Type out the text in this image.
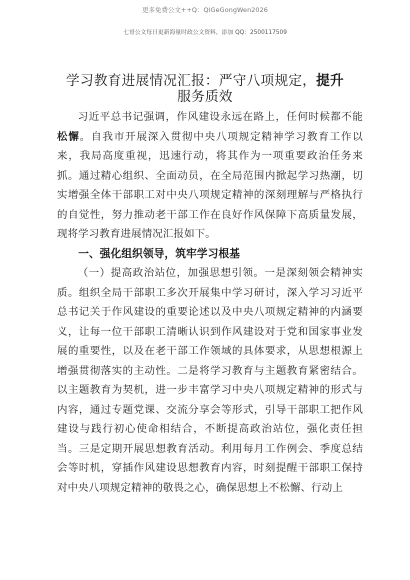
更多免费公文++Q：QiGeGongWen2026
七哥公文每日更新海量时政公文资料，添加 QQ：2500117509
学习教育进展情况汇报：严守八项规定，提升
服务质效

习近平总书记强调，作风建设永远在路上，任何时候都不能松懈。自我市开展深入贯彻中央八项规定精神学习教育工作以来，我局高度重视，迅速行动，将其作为一项重要政治任务来抓。通过精心组织、全面动员，在全局范围内掀起学习热潮，切实增强全体干部职工对中央八项规定精神的深刻理解与严格执行的自觉性，努力推动老干部工作在良好作风保障下高质量发展，现将学习教育进展情况汇报如下。

一、强化组织领导，筑牢学习根基

（一）提高政治站位，加强思想引领。一是深刻领会精神实质。组织全局干部职工多次开展集中学习研讨，深入学习习近平总书记关于作风建设的重要论述以及中央八项规定精神的内涵要义，让每一位干部职工清晰认识到作风建设对于党和国家事业发展的重要性，以及在老干部工作领域的具体要求，从思想根源上增强贯彻落实的主动性。二是将学习教育与主题教育紧密结合。以主题教育为契机，进一步丰富学习中央八项规定精神的形式与内容，通过专题党课、交流分享会等形式，引导干部职工把作风建设与践行初心使命相结合，不断提高政治站位，强化责任担当。三是定期开展思想教育活动。利用每月工作例会、季度总结会等时机，穿插作风建设思想教育内容，时刻提醒干部职工保持对中央八项规定精神的敬畏之心，确保思想上不松懈、行动上
